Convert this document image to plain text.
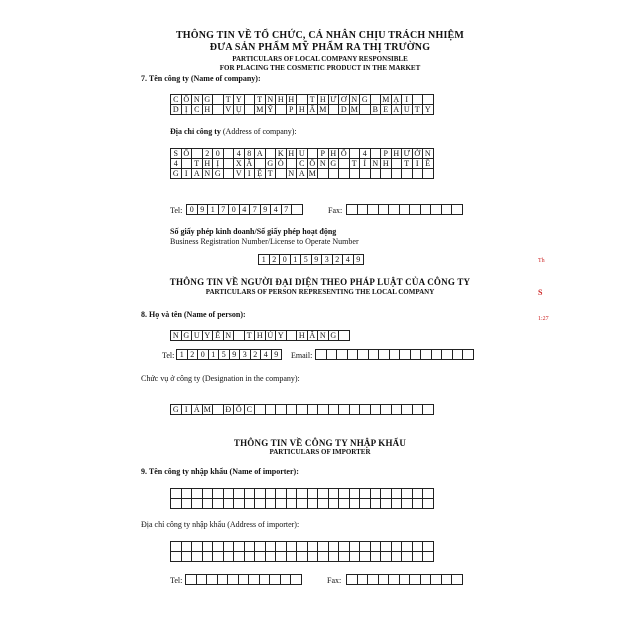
THÔNG TIN VỀ TỔ CHỨC, CÁ NHÂN CHỊU TRÁCH NHIỆM
ĐƯA SẢN PHẨM MỸ PHẨM RA THỊ TRƯỜNG
PARTICULARS OF LOCAL COMPANY RESPONSIBLE
FOR PLACING THE COSMETIC PRODUCT IN THE MARKET
7. Tên công ty (Name of company):
C Ô N G	T Y	T N H H	T H Ư Ơ N G	M Ạ I
D Ị C H	V Ụ	M Ỹ	P H Ẩ M	D M	B E A U T Y
Địa chỉ công ty (Address of company):
S Ố	2 0	4 8 A	K H U	P H Ố	4	P H Ư Ờ N
4	T H Ị	X Ã	G Ò	C Ô N G	T Ỉ N H	T I Ề
G I A N G	V I Ệ T	N A M
Tel: 0 9 1 7 0 4 7 9 4 7	Fax:
Số giấy phép kinh doanh/Số giấy phép hoạt động
Business Registration Number/License to Operate Number
1 2 0 1 5 9 3 2 4 9
THÔNG TIN VỀ NGƯỜI ĐẠI DIỆN THEO PHÁP LUẬT CỦA CÔNG TY
PARTICULARS OF PERSON REPRESENTING THE LOCAL COMPANY
8. Họ và tên (Name of person):
N G U Y Ễ N	T H Ú Y	H Ằ N G
Tel: 1 2 0 1 5 9 3 2 4 9	Email:
Chức vụ ở công ty (Designation in the company):
G I Á M	Đ Ố C
THÔNG TIN VỀ CÔNG TY NHẬP KHẨU
PARTICULARS OF IMPORTER
9. Tên công ty nhập khẩu (Name of importer):
Địa chỉ công ty nhập khẩu (Address of importer):
Tel:	Fax:
Th
S
1:27
